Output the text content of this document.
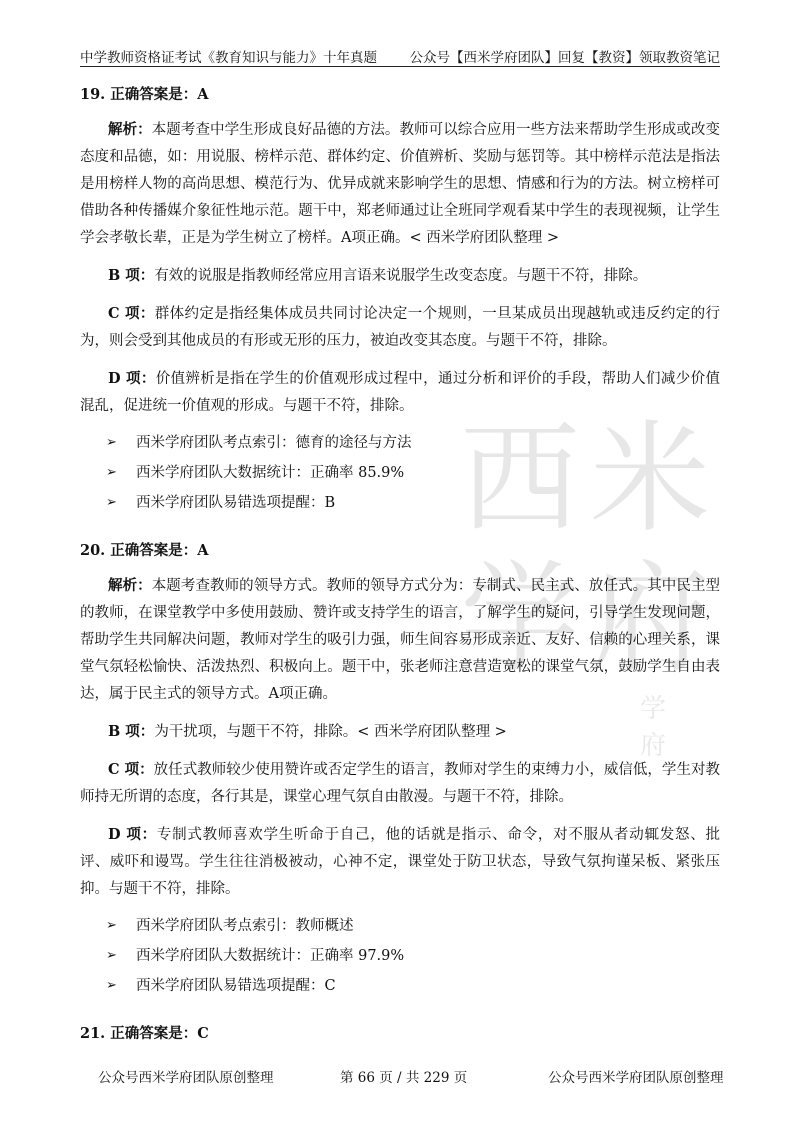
中学教师资格证考试《教育知识与能力》十年真题 公众号【西米学府团队】回复【教资】领取教资笔记
西 米
学 府
学府

19. 正确答案是：A

解析：本题考查中学生形成良好品德的方法。教师可以综合应用一些方法来帮助学生形成或改变态度和品德，如：用说服、榜样示范、群体约定、价值辨析、奖励与惩罚等。其中榜样示范法是指法是用榜样人物的高尚思想、模范行为、优异成就来影响学生的思想、情感和行为的方法。树立榜样可借助各种传播媒介象征性地示范。题干中，郑老师通过让全班同学观看某中学生的表现视频，让学生学会孝敬长辈，正是为学生树立了榜样。A项正确。< 西米学府团队整理 >

B 项：有效的说服是指教师经常应用言语来说服学生改变态度。与题干不符，排除。

C 项：群体约定是指经集体成员共同讨论决定一个规则，一旦某成员出现越轨或违反约定的行为，则会受到其他成员的有形或无形的压力，被迫改变其态度。与题干不符，排除。

D 项：价值辨析是指在学生的价值观形成过程中，通过分析和评价的手段，帮助人们减少价值混乱，促进统一价值观的形成。与题干不符，排除。

➢ 西米学府团队考点索引：德育的途径与方法
➢ 西米学府团队大数据统计：正确率 85.9%
➢ 西米学府团队易错选项提醒：B

20. 正确答案是：A

解析：本题考查教师的领导方式。教师的领导方式分为：专制式、民主式、放任式。其中民主型的教师，在课堂教学中多使用鼓励、赞许或支持学生的语言，了解学生的疑问，引导学生发现问题，帮助学生共同解决问题，教师对学生的吸引力强，师生间容易形成亲近、友好、信赖的心理关系，课堂气氛轻松愉快、活泼热烈、积极向上。题干中，张老师注意营造宽松的课堂气氛，鼓励学生自由表达，属于民主式的领导方式。A项正确。

B 项：为干扰项，与题干不符，排除。< 西米学府团队整理 >

C 项：放任式教师较少使用赞许或否定学生的语言，教师对学生的束缚力小，威信低，学生对教师持无所谓的态度，各行其是，课堂心理气氛自由散漫。与题干不符，排除。

D 项：专制式教师喜欢学生听命于自己，他的话就是指示、命令，对不服从者动辄发怒、批评、威吓和谩骂。学生往往消极被动，心神不定，课堂处于防卫状态，导致气氛拘谨呆板、紧张压抑。与题干不符，排除。

➢ 西米学府团队考点索引：教师概述
➢ 西米学府团队大数据统计：正确率 97.9%
➢ 西米学府团队易错选项提醒：C

21. 正确答案是：C

公众号西米学府团队原创整理	第 66 页 / 共 229 页	公众号西米学府团队原创整理
